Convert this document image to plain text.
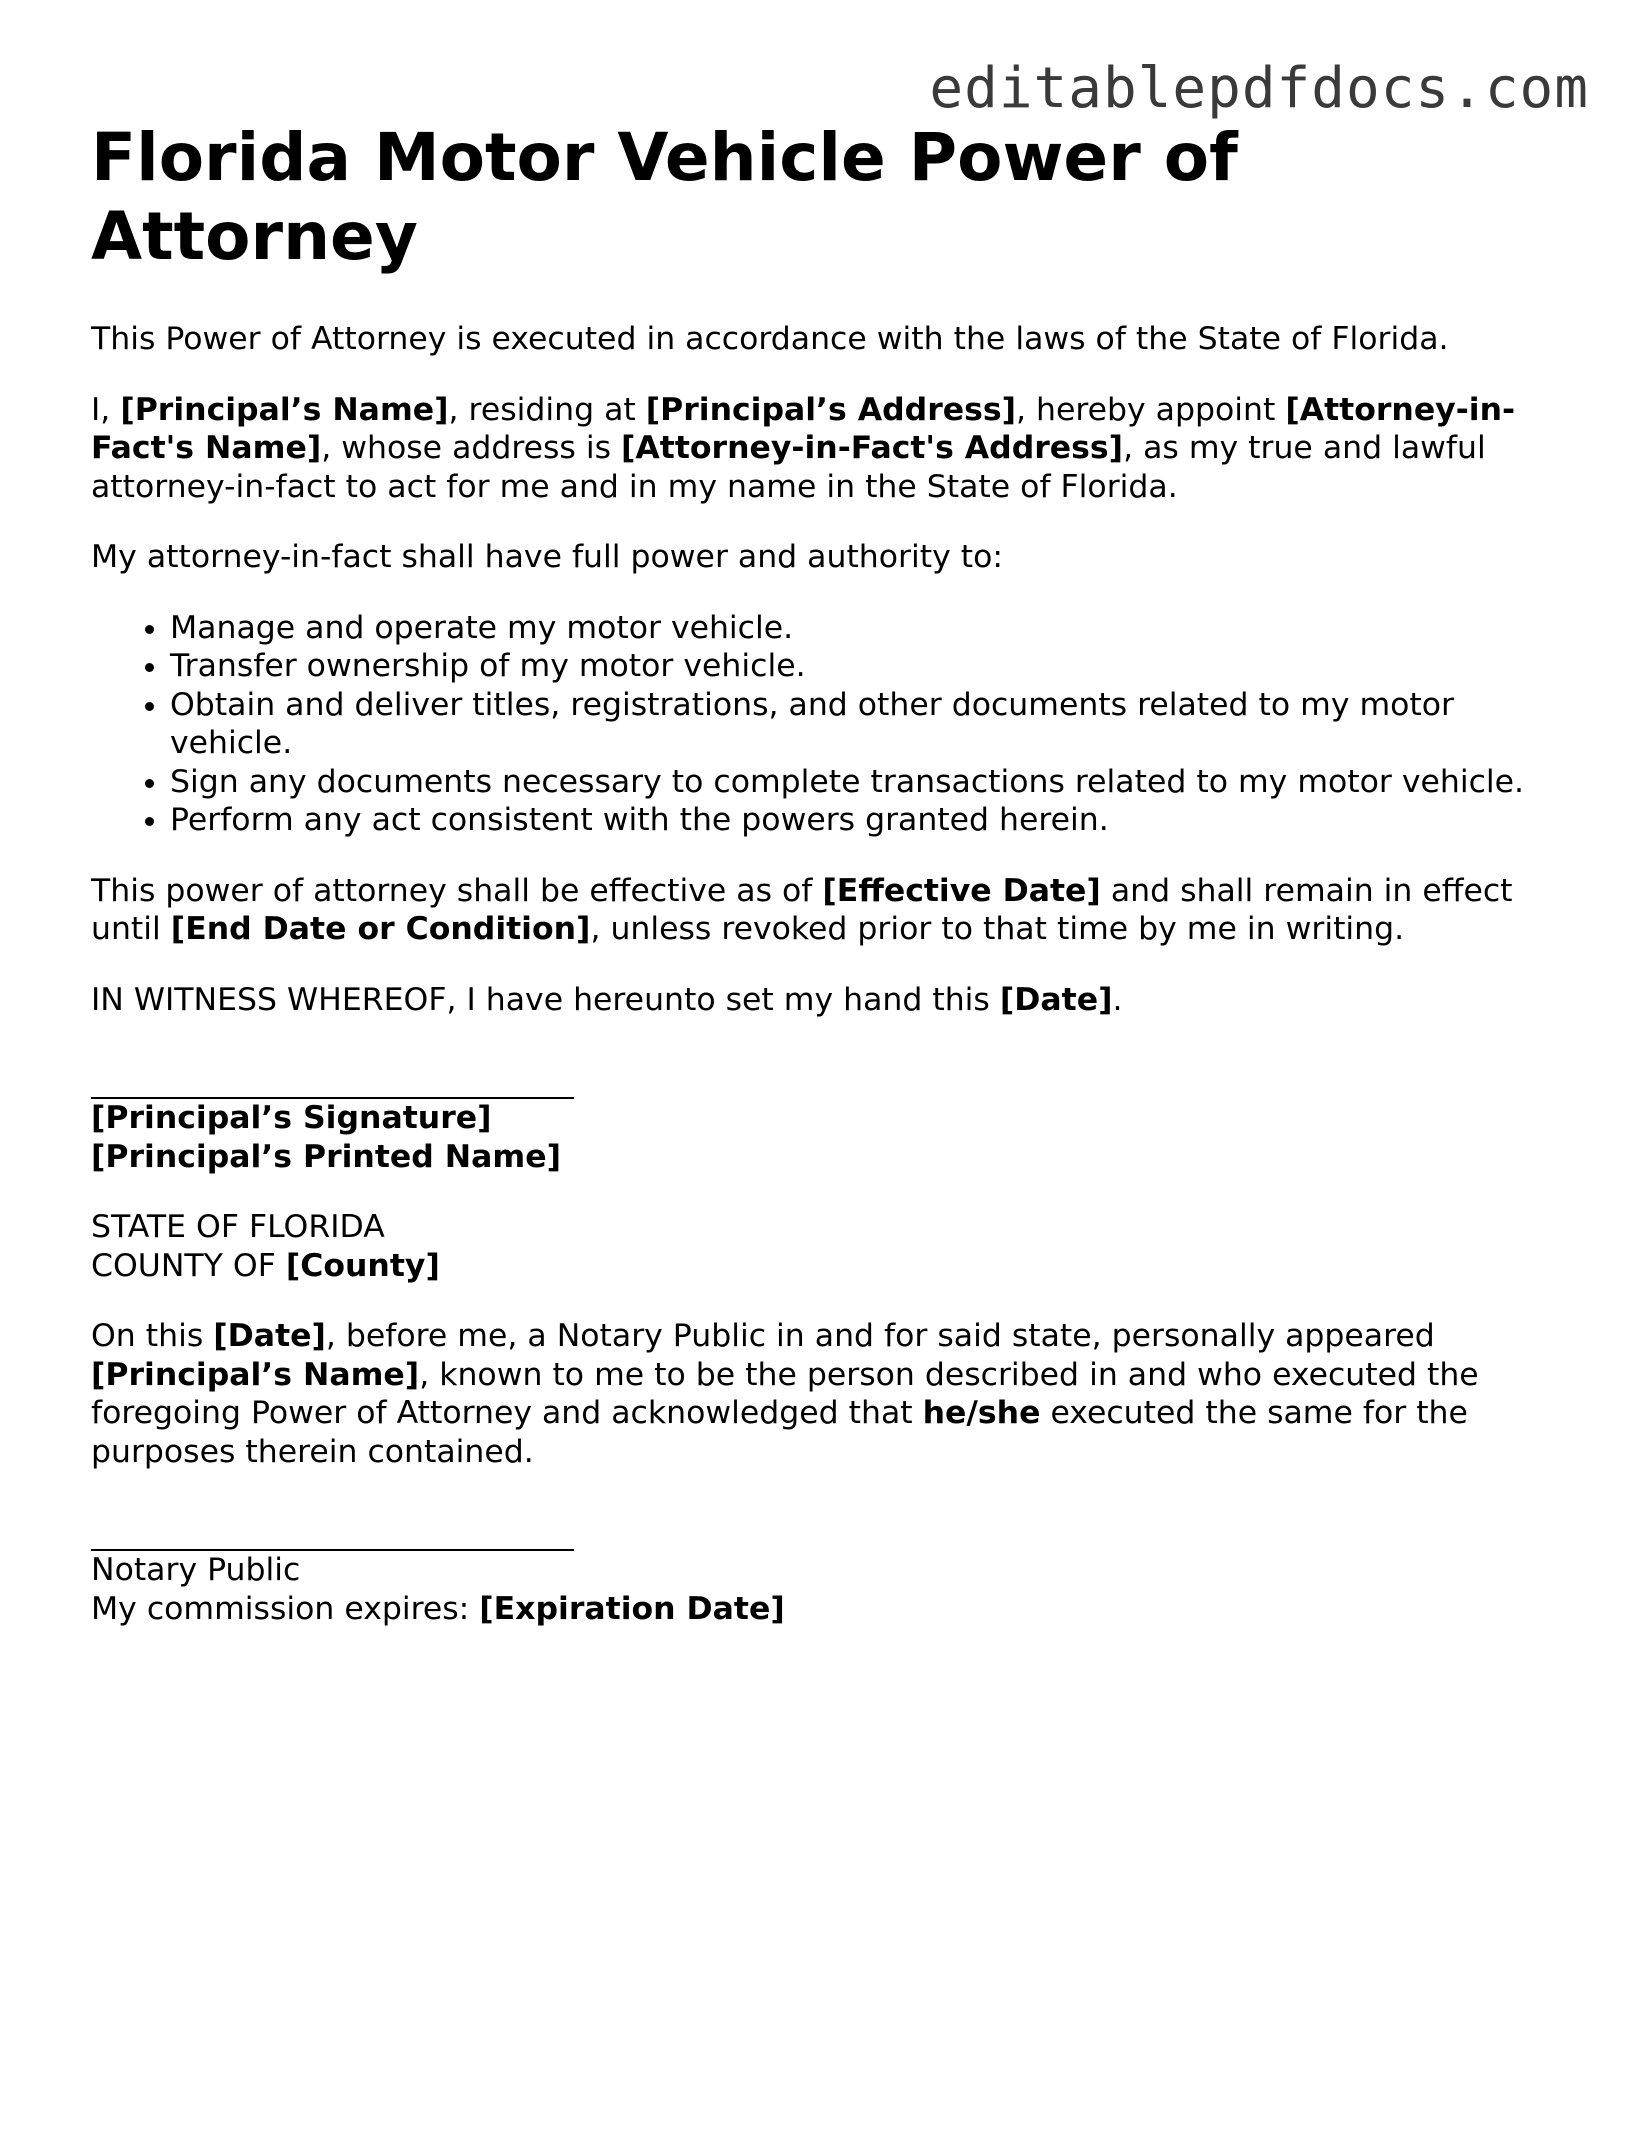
editablepdfdocs.com
Florida Motor Vehicle Power of Attorney

This Power of Attorney is executed in accordance with the laws of the State of Florida.

I, [Principal’s Name], residing at [Principal’s Address], hereby appoint [Attorney-in-Fact's Name], whose address is [Attorney-in-Fact's Address], as my true and lawful attorney-in-fact to act for me and in my name in the State of Florida.

My attorney-in-fact shall have full power and authority to:

• Manage and operate my motor vehicle.
• Transfer ownership of my motor vehicle.
• Obtain and deliver titles, registrations, and other documents related to my motor vehicle.
• Sign any documents necessary to complete transactions related to my motor vehicle.
• Perform any act consistent with the powers granted herein.

This power of attorney shall be effective as of [Effective Date] and shall remain in effect until [End Date or Condition], unless revoked prior to that time by me in writing.

IN WITNESS WHEREOF, I have hereunto set my hand this [Date].

[Principal’s Signature]
[Principal’s Printed Name]

STATE OF FLORIDA
COUNTY OF [County]

On this [Date], before me, a Notary Public in and for said state, personally appeared [Principal’s Name], known to me to be the person described in and who executed the foregoing Power of Attorney and acknowledged that he/she executed the same for the purposes therein contained.

Notary Public
My commission expires: [Expiration Date]
